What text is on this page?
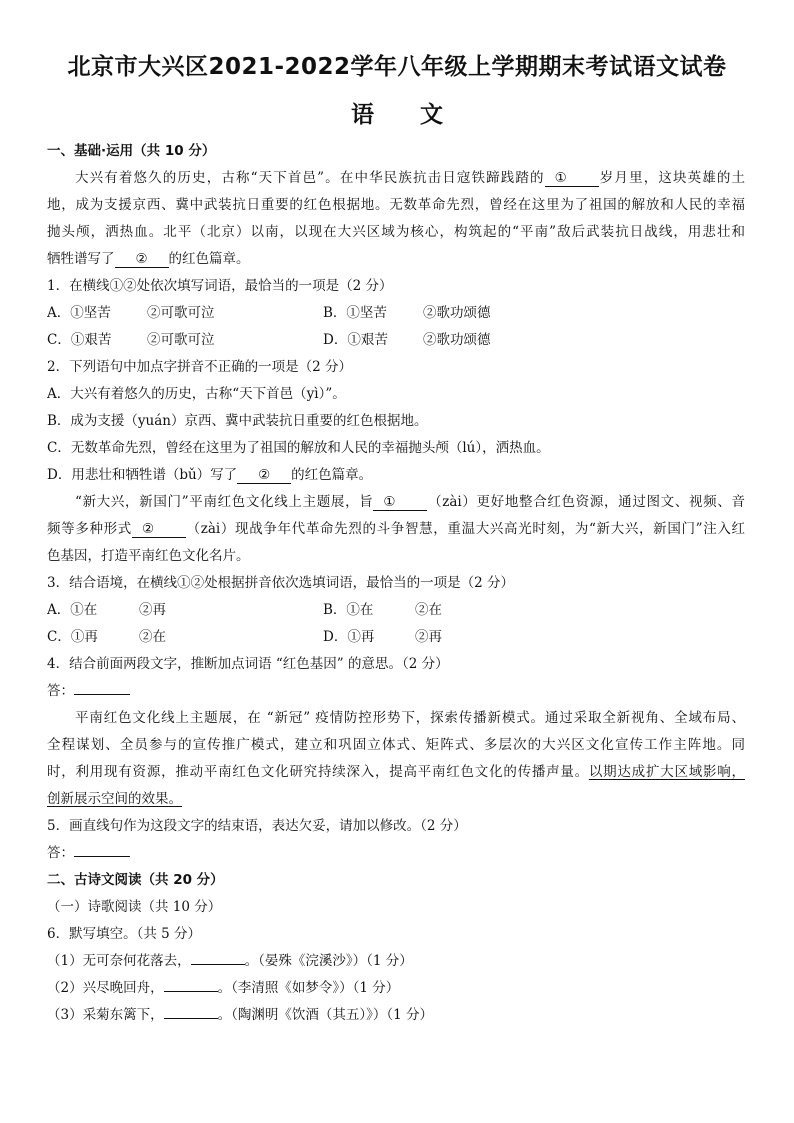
北京市大兴区2021-2022学年八年级上学期期末考试语文试卷
语　　文
一、基础·运用（共 10 分）
大兴有着悠久的历史，古称“天下首邑”。在中华民族抗击日寇铁蹄践踏的 ① 岁月里，这块英雄的土
地，成为支援京西、冀中武装抗日重要的红色根据地。无数革命先烈，曾经在这里为了祖国的解放和人民的幸福
抛头颅，洒热血。北平（北京）以南，以现在大兴区域为核心，构筑起的“平南”敌后武装抗日战线，用悲壮和
牺牲谱写了 ② 的红色篇章。
1．在横线①②处依次填写词语，最恰当的一项是（2 分）
A．①坚苦	②可歌可泣	B．①坚苦	②歌功颂德
C．①艰苦	②可歌可泣	D．①艰苦	②歌功颂德
2．下列语句中加点字拼音不正确的一项是（2 分）
A．大兴有着悠久的历史，古称“天下首邑（yì）”。
B．成为支援（yuán）京西、冀中武装抗日重要的红色根据地。
C．无数革命先烈，曾经在这里为了祖国的解放和人民的幸福抛头颅（lú），洒热血。
D．用悲壮和牺牲谱（bǔ）写了 ② 的红色篇章。
“新大兴，新国门”平南红色文化线上主题展，旨 ① （zài）更好地整合红色资源，通过图文、视频、音
频等多种形式 ② （zài）现战争年代革命先烈的斗争智慧，重温大兴高光时刻，为“新大兴，新国门”注入红
色基因，打造平南红色文化名片。
3．结合语境，在横线①②处根据拼音依次选填词语，最恰当的一项是（2 分）
A．①在	②再	B．①在	②在
C．①再	②在	D．①再	②再
4．结合前面两段文字，推断加点词语 “红色基因” 的意思。（2 分）
答：
平南红色文化线上主题展，在 “新冠” 疫情防控形势下，探索传播新模式。通过采取全新视角、全域布局、
全程谋划、全员参与的宣传推广模式，建立和巩固立体式、矩阵式、多层次的大兴区文化宣传工作主阵地。同
时，利用现有资源，推动平南红色文化研究持续深入，提高平南红色文化的传播声量。以期达成扩大区域影响，
创新展示空间的效果。
5．画直线句作为这段文字的结束语，表达欠妥，请加以修改。（2 分）
答：
二、古诗文阅读（共 20 分）
（一）诗歌阅读（共 10 分）
6．默写填空。（共 5 分）
（1）无可奈何花落去，	。（晏殊《浣溪沙》）（1 分）
（2）兴尽晚回舟，	。（李清照《如梦令》）（1 分）
（3）采菊东篱下，	。（陶渊明《饮酒（其五）》）（1 分）
